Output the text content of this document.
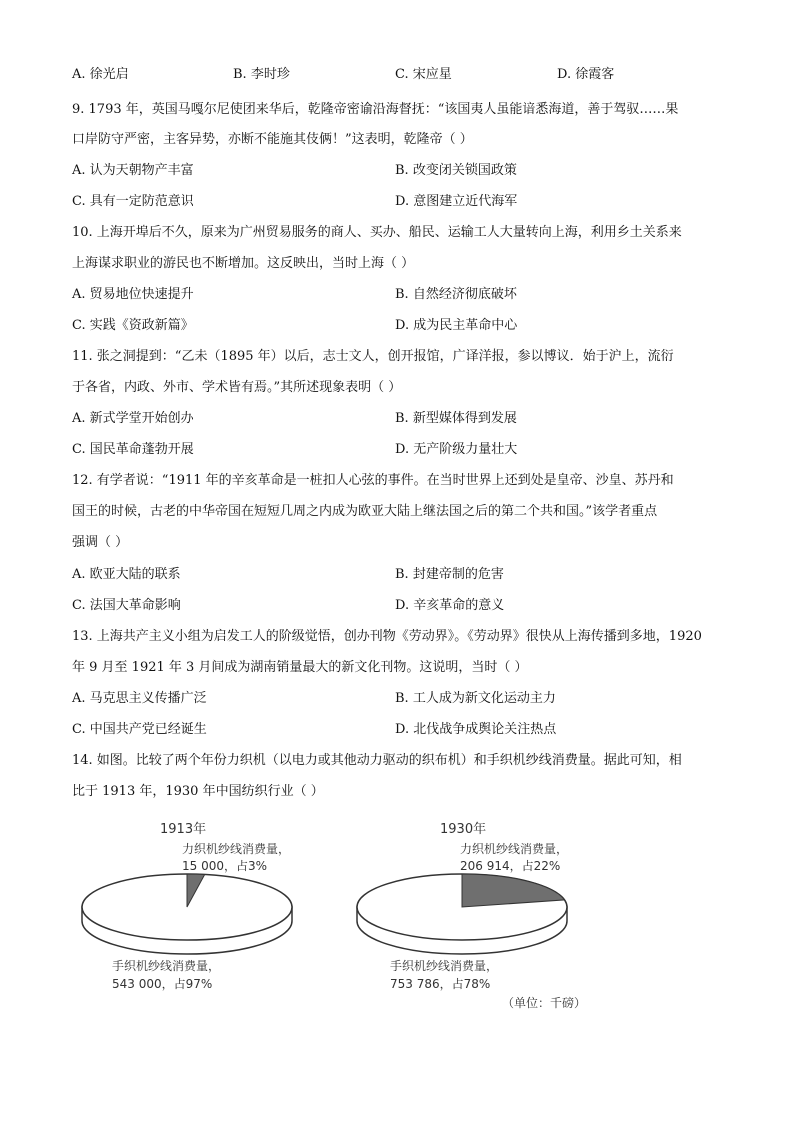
A. 徐光启	B. 李时珍	C. 宋应星	D. 徐霞客
9. 1793 年，英国马嘎尔尼使团来华后，乾隆帝密谕沿海督抚：“该国夷人虽能谙悉海道，善于驾驭……果
口岸防守严密，主客异势，亦断不能施其伎俩！”这表明，乾隆帝（ ）
A. 认为天朝物产丰富	B. 改变闭关锁国政策
C. 具有一定防范意识	D. 意图建立近代海军
10. 上海开埠后不久，原来为广州贸易服务的商人、买办、船民、运输工人大量转向上海，利用乡土关系来
上海谋求职业的游民也不断增加。这反映出，当时上海（ ）
A. 贸易地位快速提升	B. 自然经济彻底破坏
C. 实践《资政新篇》	D. 成为民主革命中心
11. 张之洞提到：“乙未（1895 年）以后，志士文人，创开报馆，广译洋报，参以博议．始于沪上，流衍
于各省，内政、外市、学术皆有焉。”其所述现象表明（ ）
A. 新式学堂开始创办	B. 新型媒体得到发展
C. 国民革命蓬勃开展	D. 无产阶级力量壮大
12. 有学者说：“1911 年的辛亥革命是一桩扣人心弦的事件。在当时世界上还到处是皇帝、沙皇、苏丹和
国王的时候，古老的中华帝国在短短几周之内成为欧亚大陆上继法国之后的第二个共和国。”该学者重点
强调（ ）
A. 欧亚大陆的联系	B. 封建帝制的危害
C. 法国大革命影响	D. 辛亥革命的意义
13. 上海共产主义小组为启发工人的阶级觉悟，创办刊物《劳动界》。《劳动界》很快从上海传播到多地，1920
年 9 月至 1921 年 3 月间成为湖南销量最大的新文化刊物。这说明，当时（ ）
A. 马克思主义传播广泛	B. 工人成为新文化运动主力
C. 中国共产党已经诞生	D. 北伐战争成舆论关注热点
14. 如图。比较了两个年份力织机（以电力或其他动力驱动的织布机）和手织机纱线消费量。据此可知，相
比于 1913 年，1930 年中国纺织行业（ ）
1913年
力织机纱线消费量，
15 000，占3%
手织机纱线消费量，
543 000，占97%
1930年
力织机纱线消费量，
206 914，占22%
手织机纱线消费量，
753 786，占78%
（单位：千磅）
